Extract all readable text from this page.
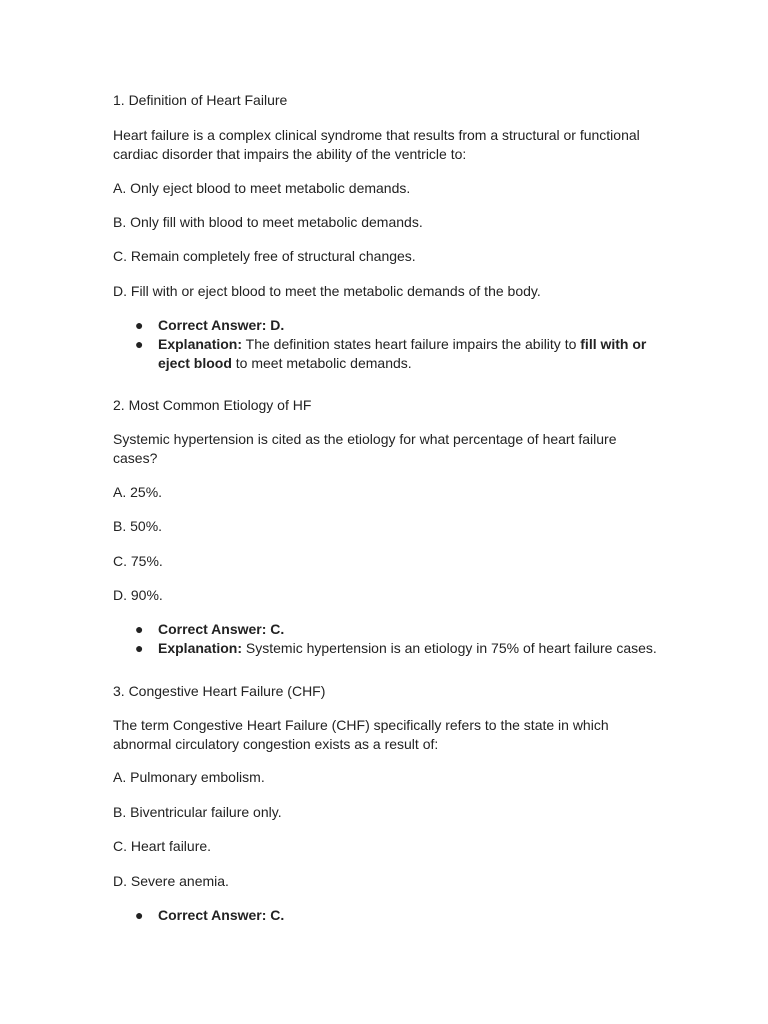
1. Definition of Heart Failure

Heart failure is a complex clinical syndrome that results from a structural or functional cardiac disorder that impairs the ability of the ventricle to:

A. Only eject blood to meet metabolic demands.

B. Only fill with blood to meet metabolic demands.

C. Remain completely free of structural changes.

D. Fill with or eject blood to meet the metabolic demands of the body.

● Correct Answer: D.
● Explanation: The definition states heart failure impairs the ability to fill with or eject blood to meet metabolic demands.

2. Most Common Etiology of HF

Systemic hypertension is cited as the etiology for what percentage of heart failure cases?

A. 25%.

B. 50%.

C. 75%.

D. 90%.

● Correct Answer: C.
● Explanation: Systemic hypertension is an etiology in 75% of heart failure cases.

3. Congestive Heart Failure (CHF)

The term Congestive Heart Failure (CHF) specifically refers to the state in which abnormal circulatory congestion exists as a result of:

A. Pulmonary embolism.

B. Biventricular failure only.

C. Heart failure.

D. Severe anemia.

● Correct Answer: C.
